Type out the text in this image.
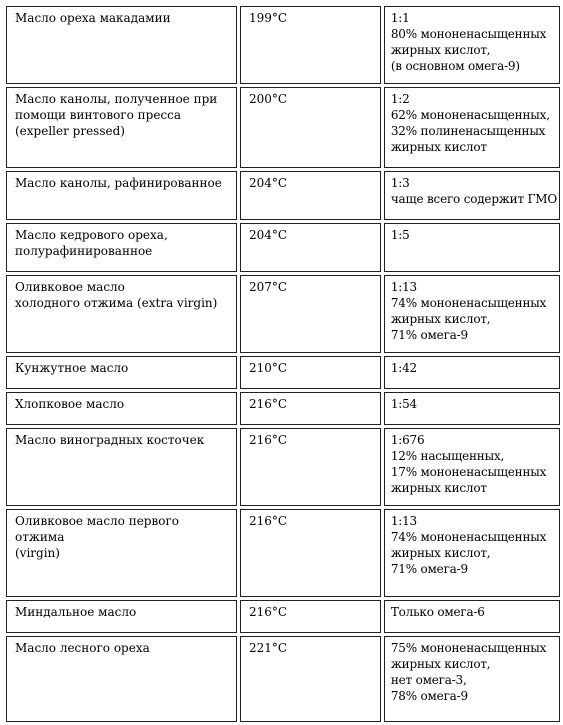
Масло ореха макадамии	199°C	1:1
80% мононенасыщенных
жирных кислот,
(в основном омега-9)

Масло канолы, полученное при
помощи винтового пресса
(expeller pressed)	200°C	1:2
62% мононенасыщенных,
32% полиненасыщенных
жирных кислот

Масло канолы, рафинированное	204°C	1:3
чаще всего содержит ГМО

Масло кедрового ореха,
полурафинированное	204°C	1:5

Оливковое масло
холодного отжима (extra virgin)	207°C	1:13
74% мононенасыщенных
жирных кислот,
71% омега-9

Кунжутное масло	210°C	1:42

Хлопковое масло	216°C	1:54

Масло виноградных косточек	216°C	1:676
12% насыщенных,
17% мононенасыщенных
жирных кислот

Оливковое масло первого отжима
(virgin)	216°C	1:13
74% мононенасыщенных
жирных кислот,
71% омега-9

Миндальное масло	216°C	Только омега-6

Масло лесного ореха	221°C	75% мононенасыщенных
жирных кислот,
нет омега-3,
78% омега-9
